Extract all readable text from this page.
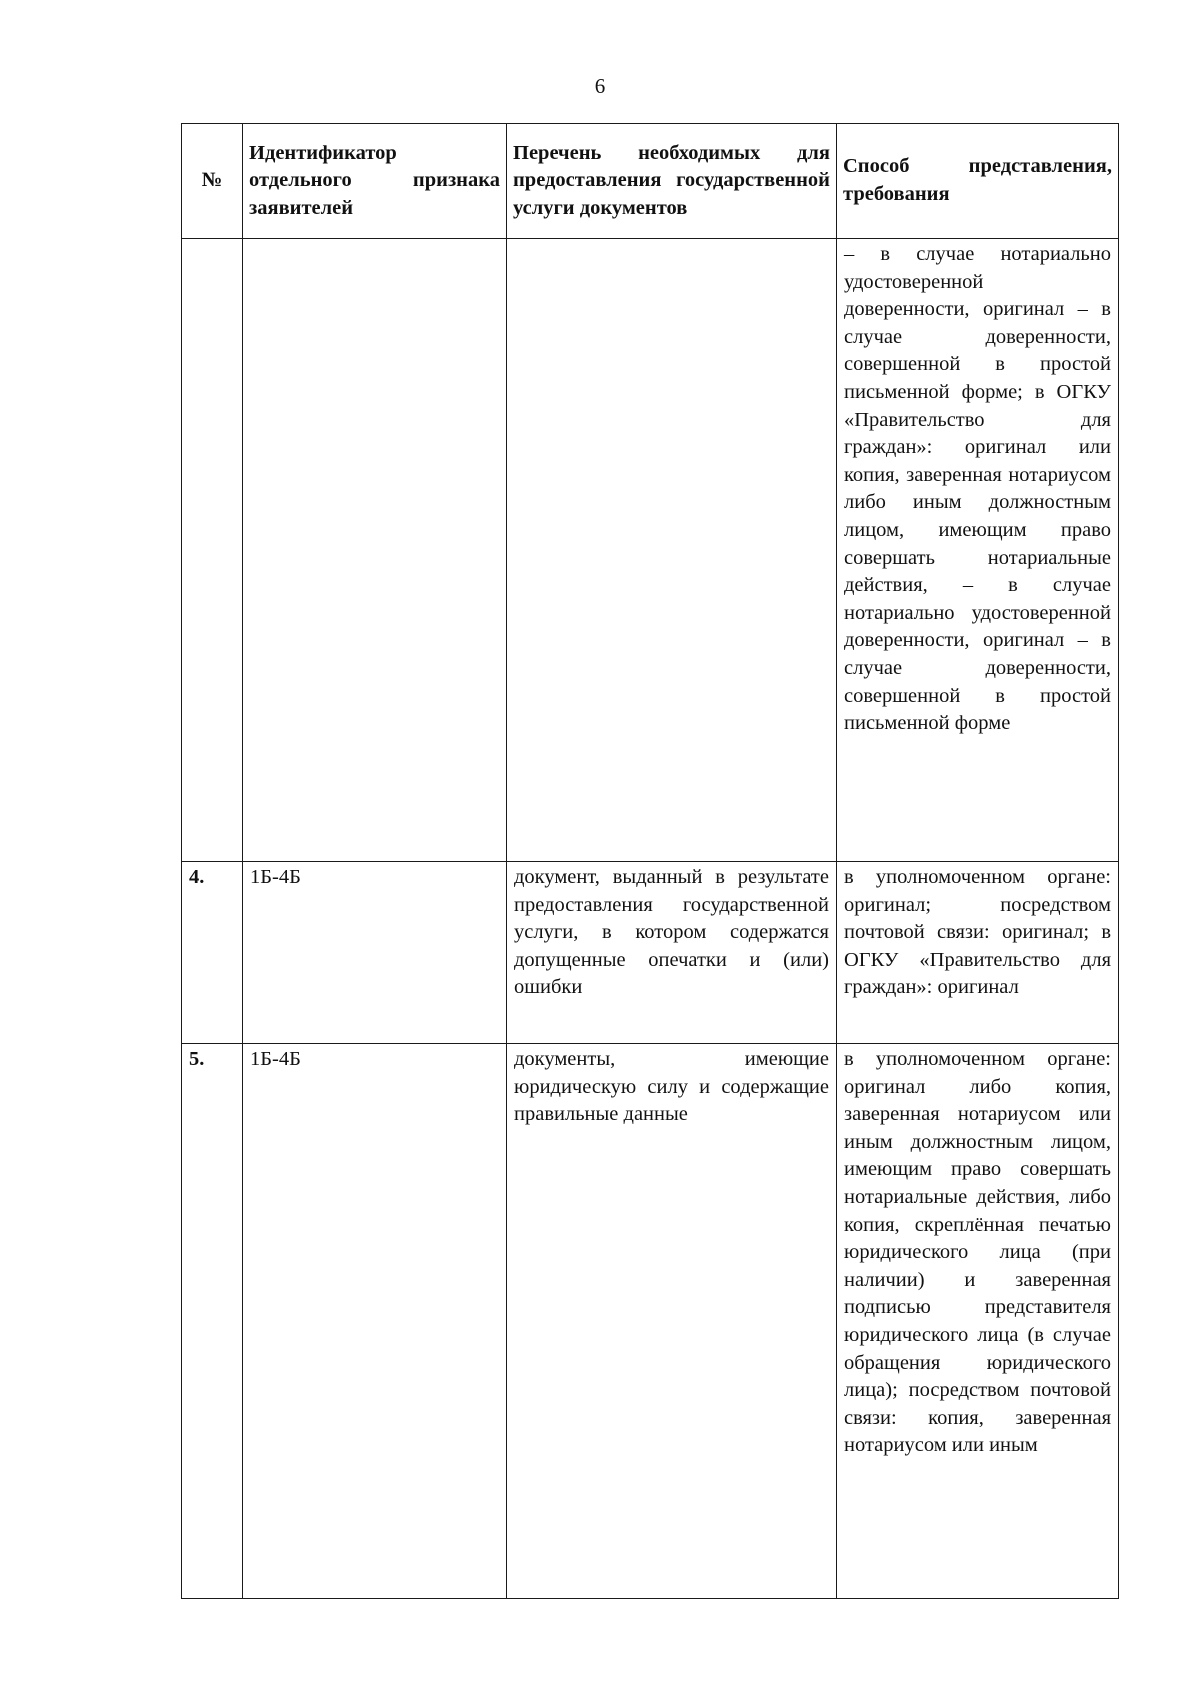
6
№	Идентификатор отдельного признака заявителей	Перечень необходимых для предоставления государственной услуги документов	Способ представления, требования
			– в случае нотариально удостоверенной доверенности, оригинал – в случае доверенности, совершенной в простой письменной форме; в ОГКУ «Правительство для граждан»: оригинал или копия, заверенная нотариусом либо иным должностным лицом, имеющим право совершать нотариальные действия, – в случае нотариально удостоверенной доверенности, оригинал – в случае доверенности, совершенной в простой письменной форме
4.	1Б-4Б	документ, выданный в результате предоставления государственной услуги, в котором содержатся допущенные опечатки и (или) ошибки	в уполномоченном органе: оригинал; посредством почтовой связи: оригинал; в ОГКУ «Правительство для граждан»: оригинал
5.	1Б-4Б	документы, имеющие юридическую силу и содержащие правильные данные	в уполномоченном органе: оригинал либо копия, заверенная нотариусом или иным должностным лицом, имеющим право совершать нотариальные действия, либо копия, скреплённая печатью юридического лица (при наличии) и заверенная подписью представителя юридического лица (в случае обращения юридического лица); посредством почтовой связи: копия, заверенная нотариусом или иным
